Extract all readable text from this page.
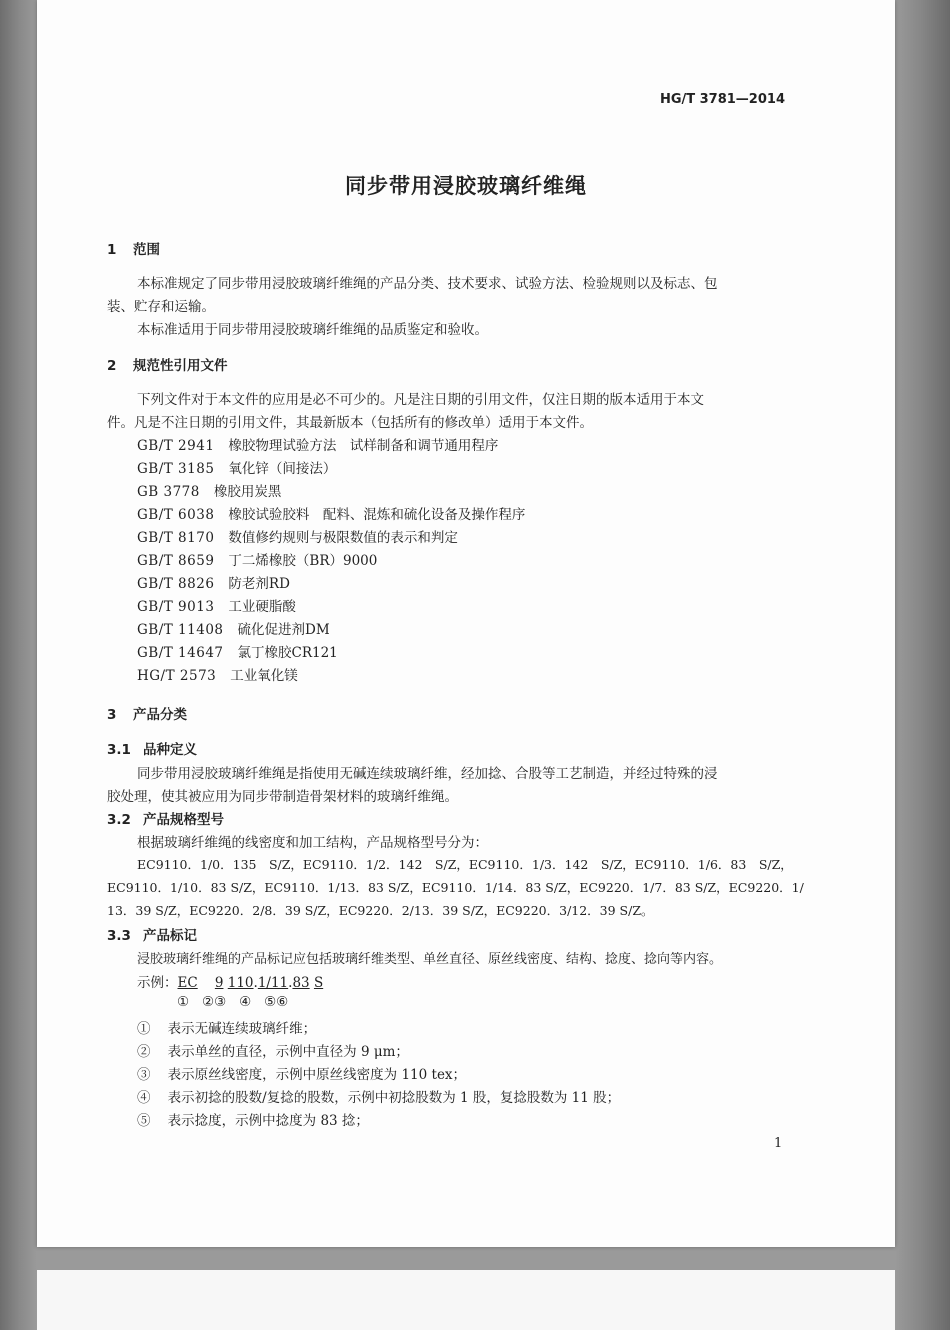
HG/T 3781—2014
同步带用浸胶玻璃纤维绳
1 范围
本标准规定了同步带用浸胶玻璃纤维绳的产品分类、技术要求、试验方法、检验规则以及标志、包
装、贮存和运输。
本标准适用于同步带用浸胶玻璃纤维绳的品质鉴定和验收。
2 规范性引用文件
下列文件对于本文件的应用是必不可少的。凡是注日期的引用文件，仅注日期的版本适用于本文
件。凡是不注日期的引用文件，其最新版本（包括所有的修改单）适用于本文件。
GB/T 2941 橡胶物理试验方法　试样制备和调节通用程序
GB/T 3185 氧化锌（间接法）
GB 3778 橡胶用炭黑
GB/T 6038 橡胶试验胶料　配料、混炼和硫化设备及操作程序
GB/T 8170 数值修约规则与极限数值的表示和判定
GB/T 8659 丁二烯橡胶（BR）9000
GB/T 8826 防老剂RD
GB/T 9013 工业硬脂酸
GB/T 11408 硫化促进剂DM
GB/T 14647 氯丁橡胶CR121
HG/T 2573 工业氧化镁
3 产品分类
3.1 品种定义
同步带用浸胶玻璃纤维绳是指使用无碱连续玻璃纤维，经加捻、合股等工艺制造，并经过特殊的浸
胶处理，使其被应用为同步带制造骨架材料的玻璃纤维绳。
3.2 产品规格型号
根据玻璃纤维绳的线密度和加工结构，产品规格型号分为：
EC9110．1/0．135　S/Z，EC9110．1/2．142　S/Z，EC9110．1/3．142　S/Z，EC9110．1/6．83　S/Z，
EC9110．1/10．83 S/Z，EC9110．1/13．83 S/Z，EC9110．1/14．83 S/Z，EC9220．1/7．83 S/Z，EC9220．1/
13．39 S/Z，EC9220．2/8．39 S/Z，EC9220．2/13．39 S/Z，EC9220．3/12．39 S/Z。
3.3 产品标记
浸胶玻璃纤维绳的产品标记应包括玻璃纤维类型、单丝直径、原丝线密度、结构、捻度、捻向等内容。
示例：EC 9 110.1/11.83 S
① ②③ ④ ⑤⑥
① 表示无碱连续玻璃纤维；
② 表示单丝的直径，示例中直径为 9 μm；
③ 表示原丝线密度，示例中原丝线密度为 110 tex；
④ 表示初捻的股数/复捻的股数，示例中初捻股数为 1 股，复捻股数为 11 股；
⑤ 表示捻度，示例中捻度为 83 捻；
1
